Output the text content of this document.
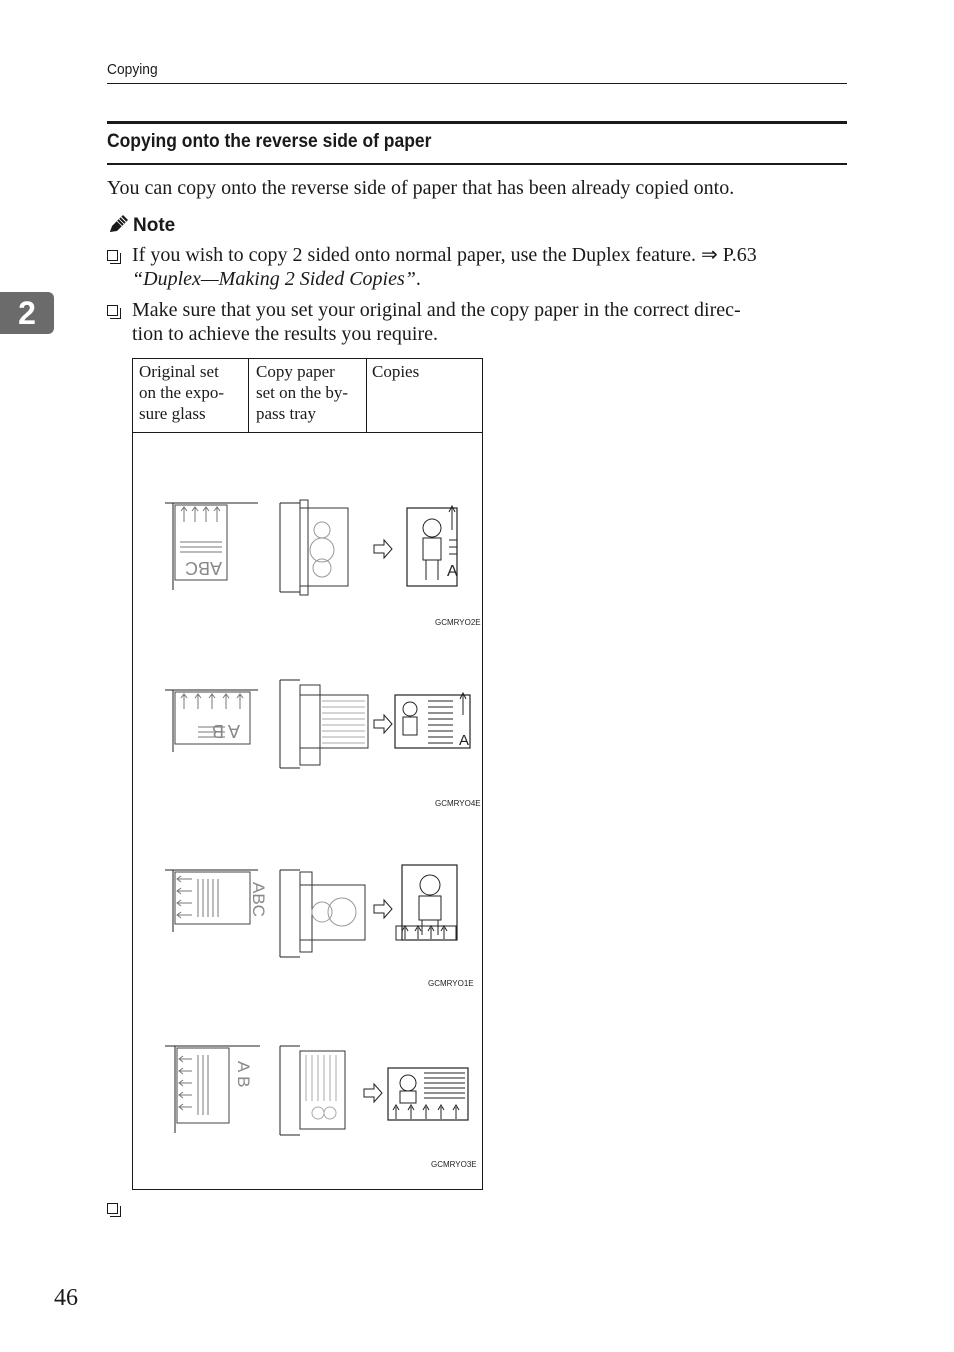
Copying
Copying onto the reverse side of paper
You can copy onto the reverse side of paper that has been already copied onto.
2
Note
If you wish to copy 2 sided onto normal paper, use the Duplex feature. ⇒ P.63
“Duplex—Making 2 Sided Copies”.
Make sure that you set your original and the copy paper in the correct direc-
tion to achieve the results you require.
Original set
on the expo-
sure glass
Copy paper
set on the by-
pass tray
Copies
ABC	A
GCMRYO2E
A B	A
GCMRYO4E
ABC
GCMRYO1E
A B
GCMRYO3E
46
